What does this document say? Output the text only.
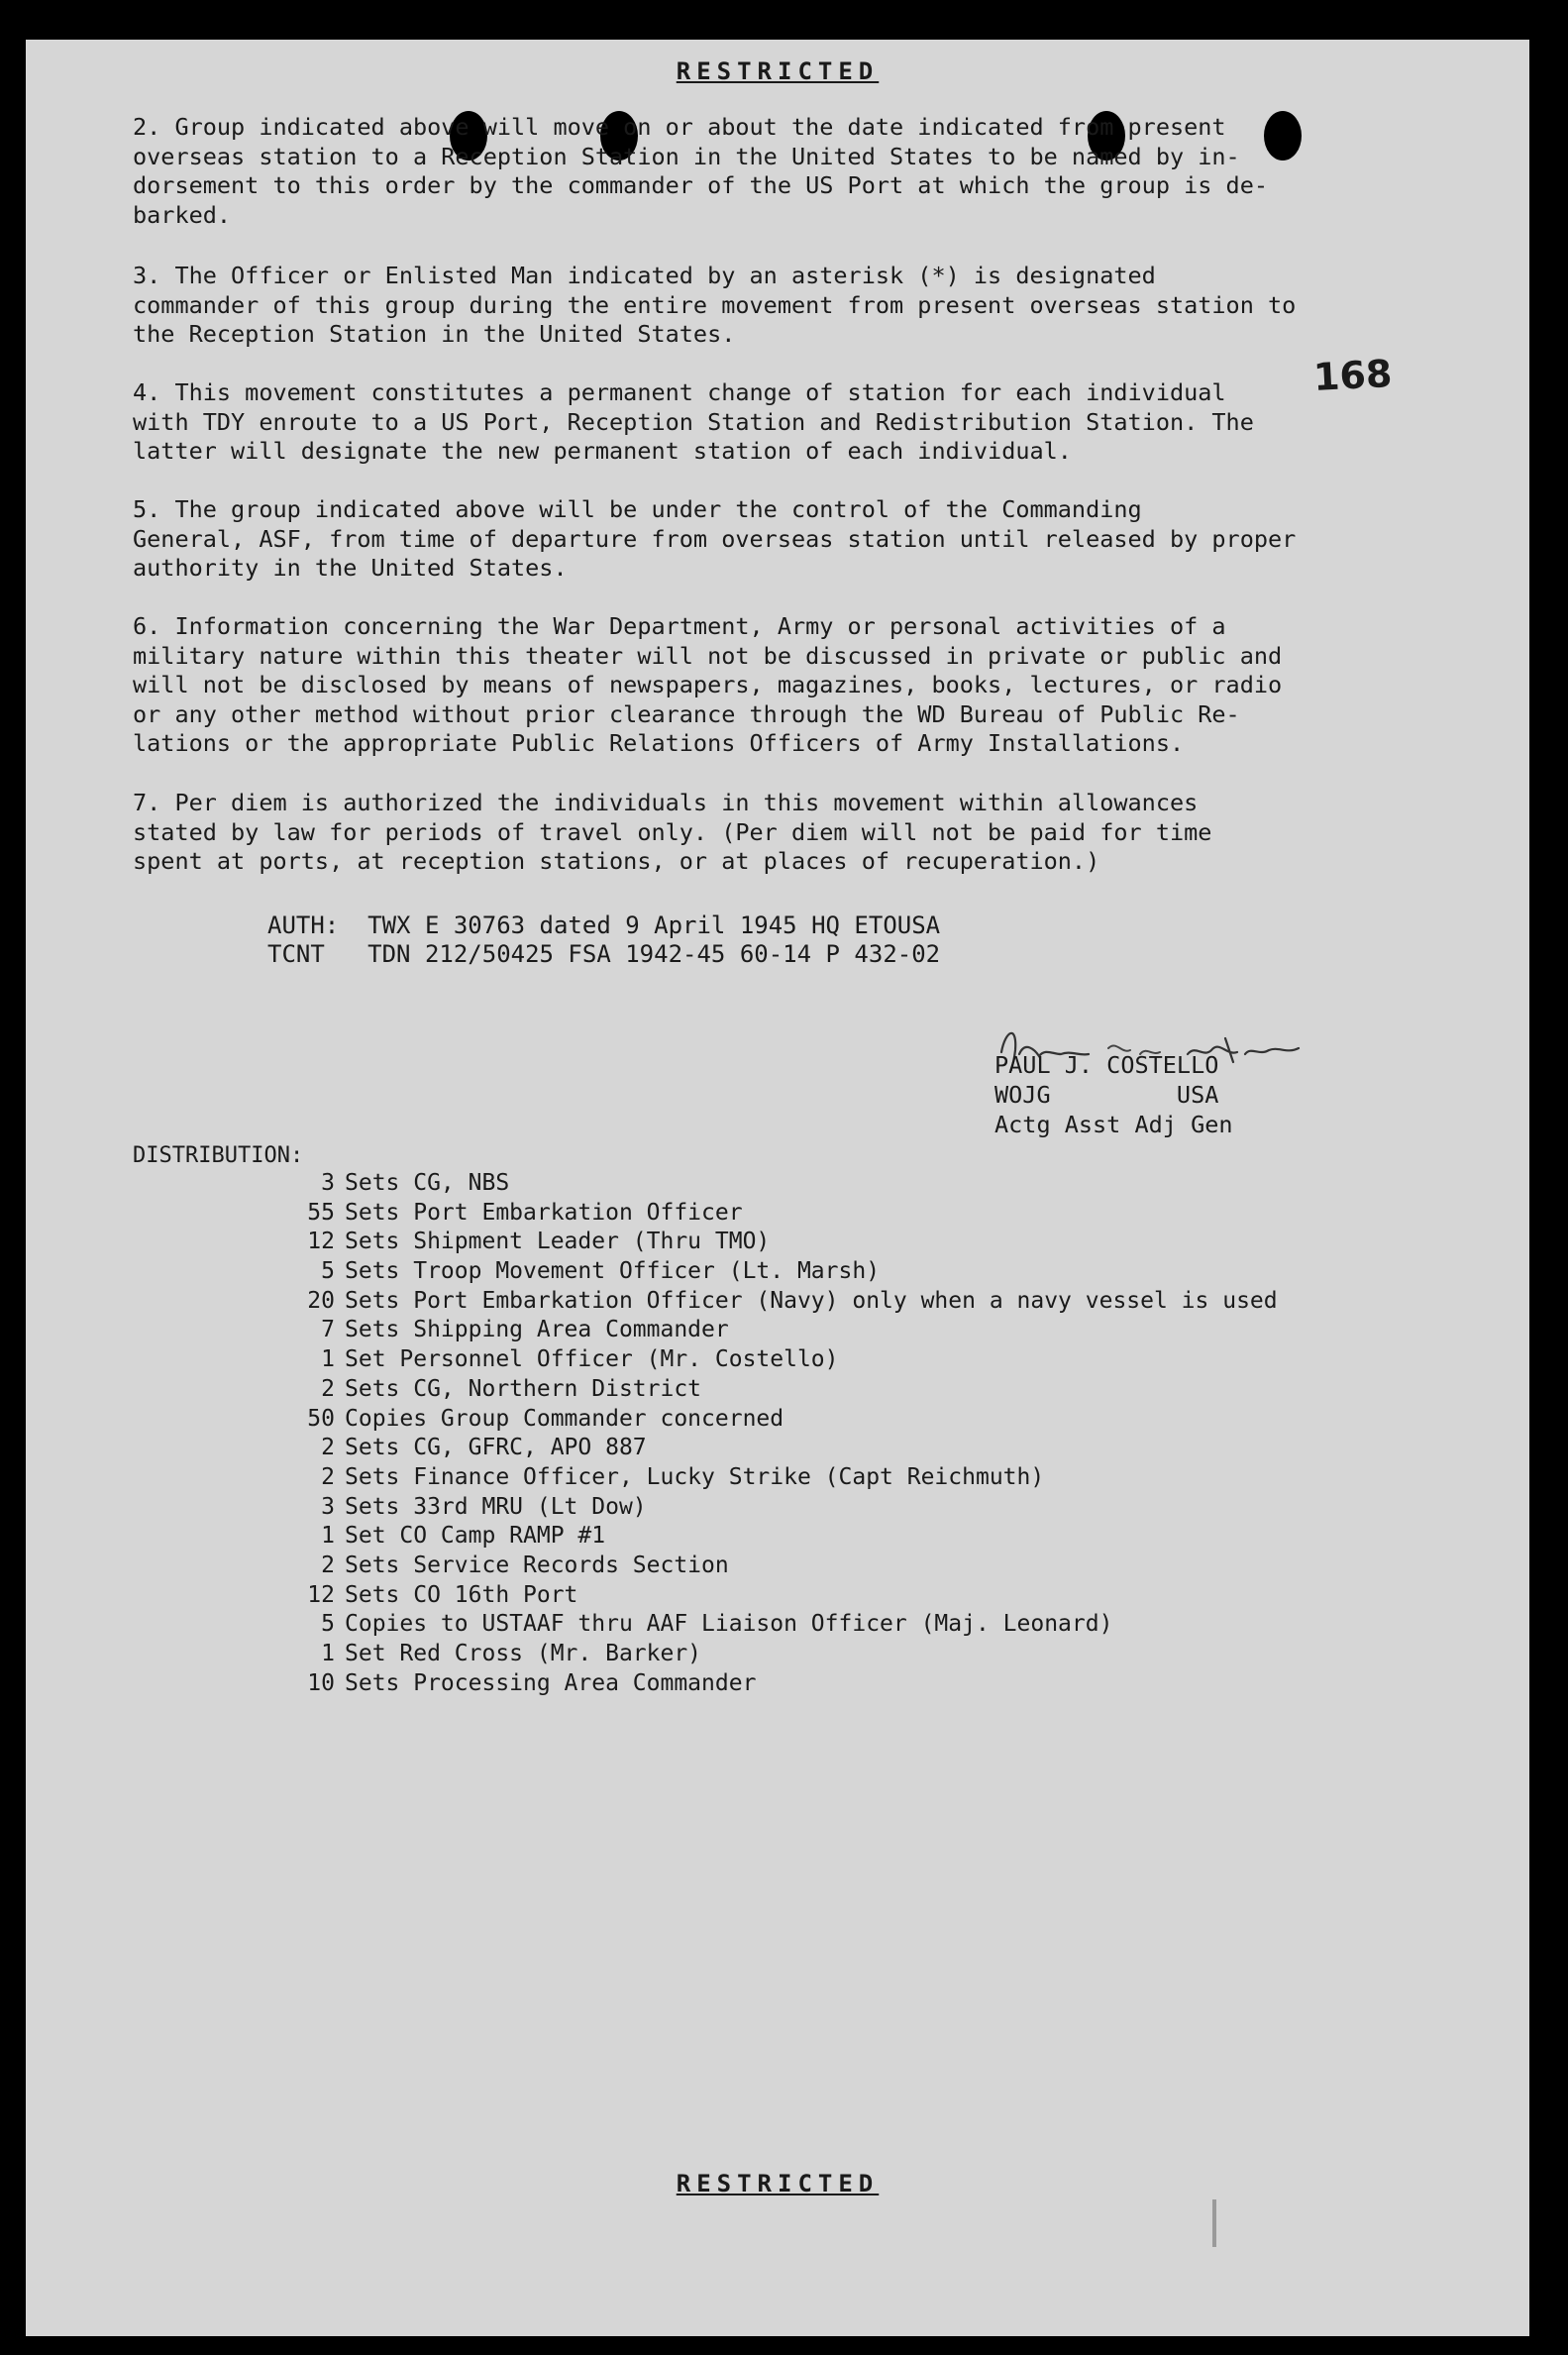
RESTRICTED
168
2. Group indicated above will move on or about the date indicated from present
overseas station to a Reception Station in the United States to be named by in-
dorsement to this order by the commander of the US Port at which the group is de-
barked.
3. The Officer or Enlisted Man indicated by an asterisk (*) is designated
commander of this group during the entire movement from present overseas station to
the Reception Station in the United States.
4. This movement constitutes a permanent change of station for each individual
with TDY enroute to a US Port, Reception Station and Redistribution Station. The
latter will designate the new permanent station of each individual.
5. The group indicated above will be under the control of the Commanding
General, ASF, from time of departure from overseas station until released by proper
authority in the United States.
6. Information concerning the War Department, Army or personal activities of a
military nature within this theater will not be discussed in private or public and
will not be disclosed by means of newspapers, magazines, books, lectures, or radio
or any other method without prior clearance through the WD Bureau of Public Re-
lations or the appropriate Public Relations Officers of Army Installations.
7. Per diem is authorized the individuals in this movement within allowances
stated by law for periods of travel only. (Per diem will not be paid for time
spent at ports, at reception stations, or at places of recuperation.)
AUTH:  TWX E 30763 dated 9 April 1945 HQ ETOUSA
TCNT   TDN 212/50425 FSA 1942-45 60-14 P 432-02
PAUL J. COSTELLO
WOJG         USA
Actg Asst Adj Gen
DISTRIBUTION:
3 Sets CG, NBS
55 Sets Port Embarkation Officer
12 Sets Shipment Leader (Thru TMO)
5 Sets Troop Movement Officer (Lt. Marsh)
20 Sets Port Embarkation Officer (Navy) only when a navy vessel is used
7 Sets Shipping Area Commander
1 Set Personnel Officer (Mr. Costello)
2 Sets CG, Northern District
50 Copies Group Commander concerned
2 Sets CG, GFRC, APO 887
2 Sets Finance Officer, Lucky Strike (Capt Reichmuth)
3 Sets 33rd MRU (Lt Dow)
1 Set CO Camp RAMP #1
2 Sets Service Records Section
12 Sets CO 16th Port
5 Copies to USTAAF thru AAF Liaison Officer (Maj. Leonard)
1 Set Red Cross (Mr. Barker)
10 Sets Processing Area Commander
RESTRICTED
